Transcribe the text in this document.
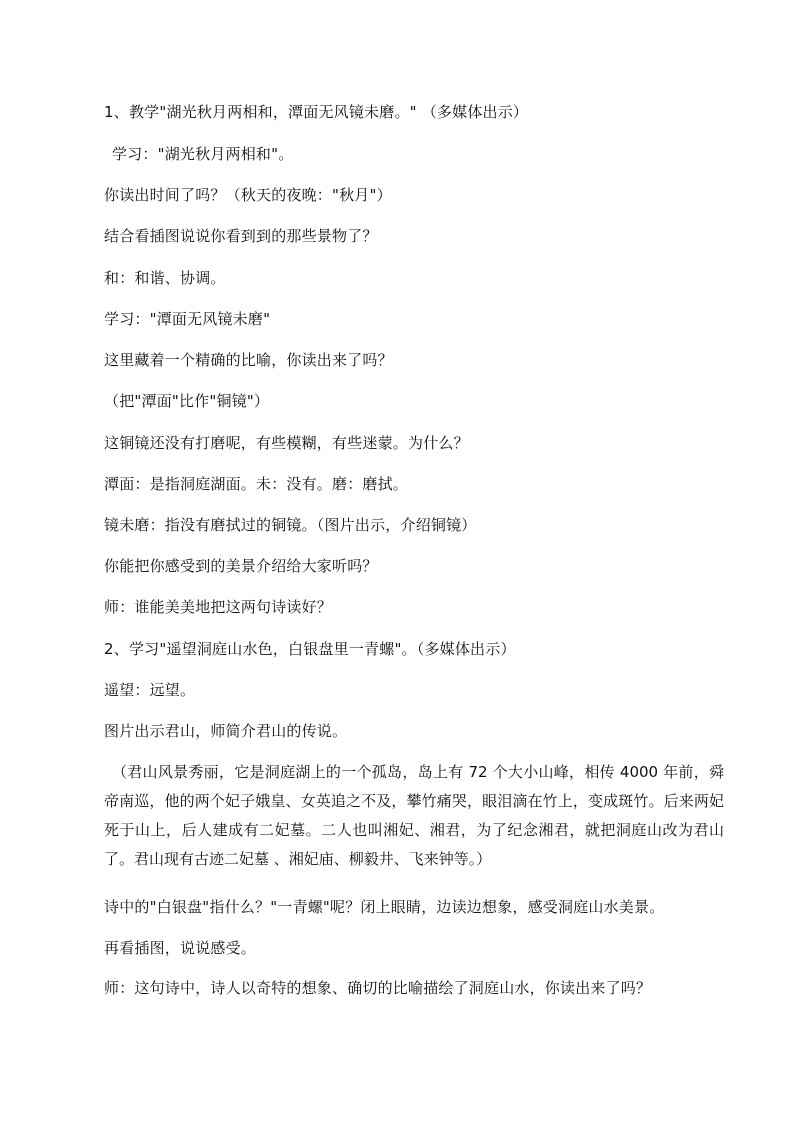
1、教学"湖光秋月两相和，潭面无风镜未磨。" （多媒体出示）
学习："湖光秋月两相和"。
你读出时间了吗？（秋天的夜晚："秋月"）
结合看插图说说你看到到的那些景物了？
和：和谐、协调。
学习："潭面无风镜未磨"
这里藏着一个精确的比喻，你读出来了吗？
（把"潭面"比作"铜镜"）
这铜镜还没有打磨呢，有些模糊，有些迷蒙。为什么？
潭面：是指洞庭湖面。未：没有。磨：磨拭。
镜未磨：指没有磨拭过的铜镜。（图片出示，介绍铜镜）
你能把你感受到的美景介绍给大家听吗？
师：谁能美美地把这两句诗读好？
2、学习"遥望洞庭山水色，白银盘里一青螺"。（多媒体出示）
遥望：远望。
图片出示君山，师简介君山的传说。
（君山风景秀丽，它是洞庭湖上的一个孤岛，岛上有 72 个大小山峰，相传 4000 年前，舜帝南巡，他的两个妃子娥皇、女英追之不及，攀竹痛哭，眼泪滴在竹上，变成斑竹。后来两妃死于山上，后人建成有二妃墓。二人也叫湘妃、湘君，为了纪念湘君，就把洞庭山改为君山了。君山现有古迹二妃墓 、湘妃庙、柳毅井、飞来钟等。）
诗中的"白银盘"指什么？"一青螺"呢？闭上眼睛，边读边想象，感受洞庭山水美景。
再看插图，说说感受。
师：这句诗中，诗人以奇特的想象、确切的比喻描绘了洞庭山水，你读出来了吗？
